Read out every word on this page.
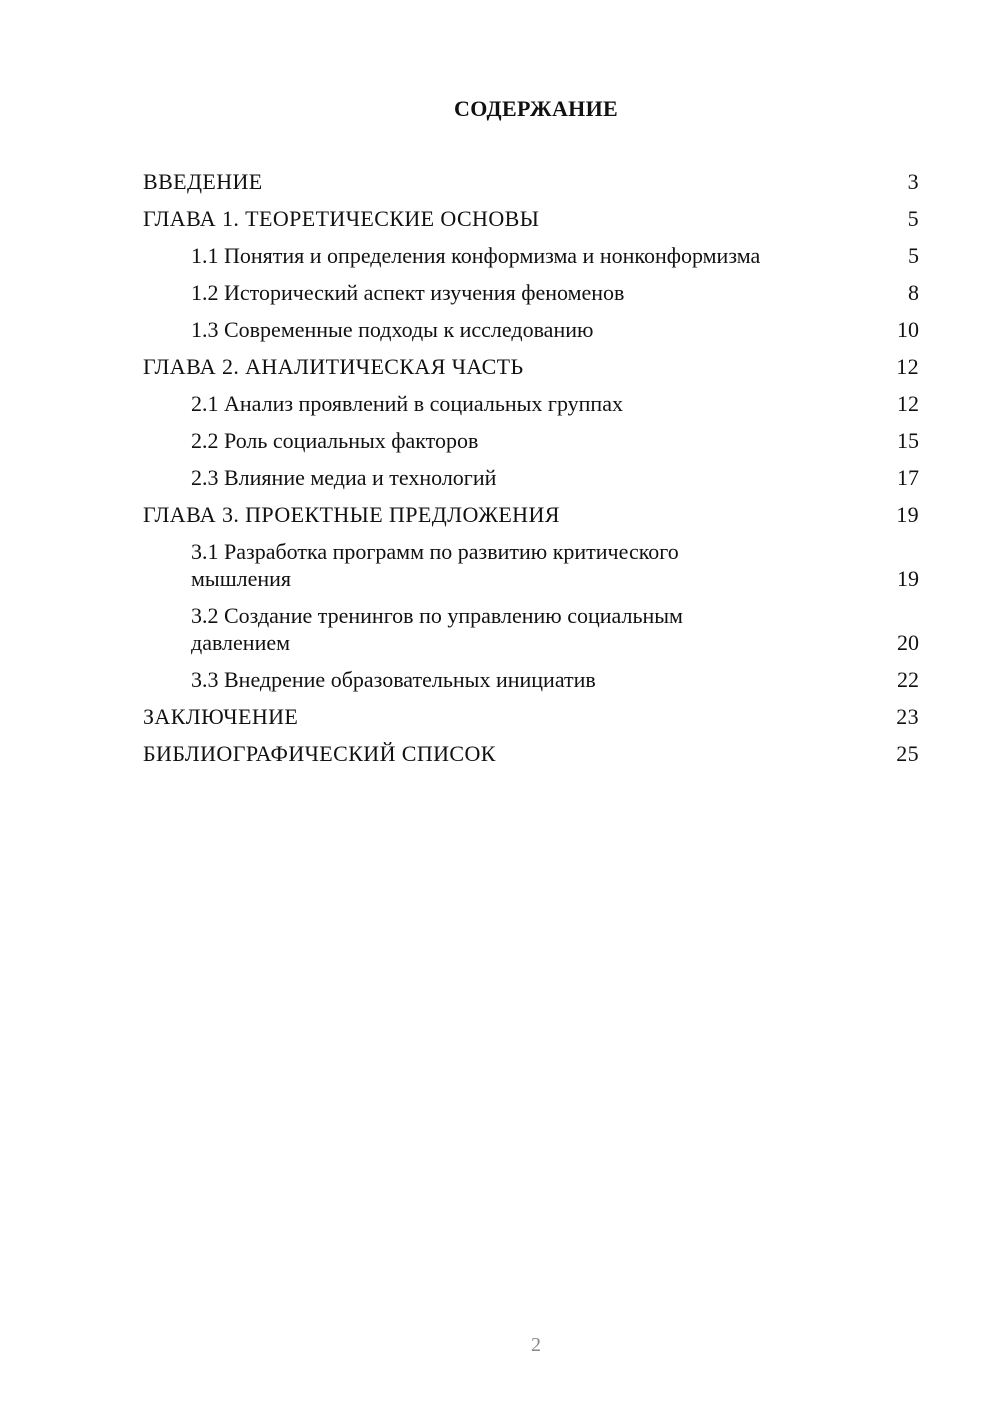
СОДЕРЖАНИЕ
ВВЕДЕНИЕ	3
ГЛАВА 1. ТЕОРЕТИЧЕСКИЕ ОСНОВЫ	5
1.1 Понятия и определения конформизма и нонконформизма	5
1.2 Исторический аспект изучения феноменов	8
1.3 Современные подходы к исследованию	10
ГЛАВА 2. АНАЛИТИЧЕСКАЯ ЧАСТЬ	12
2.1 Анализ проявлений в социальных группах	12
2.2 Роль социальных факторов	15
2.3 Влияние медиа и технологий	17
ГЛАВА 3. ПРОЕКТНЫЕ ПРЕДЛОЖЕНИЯ	19
3.1 Разработка программ по развитию критического мышления	19
3.2 Создание тренингов по управлению социальным давлением	20
3.3 Внедрение образовательных инициатив	22
ЗАКЛЮЧЕНИЕ	23
БИБЛИОГРАФИЧЕСКИЙ СПИСОК	25
2
